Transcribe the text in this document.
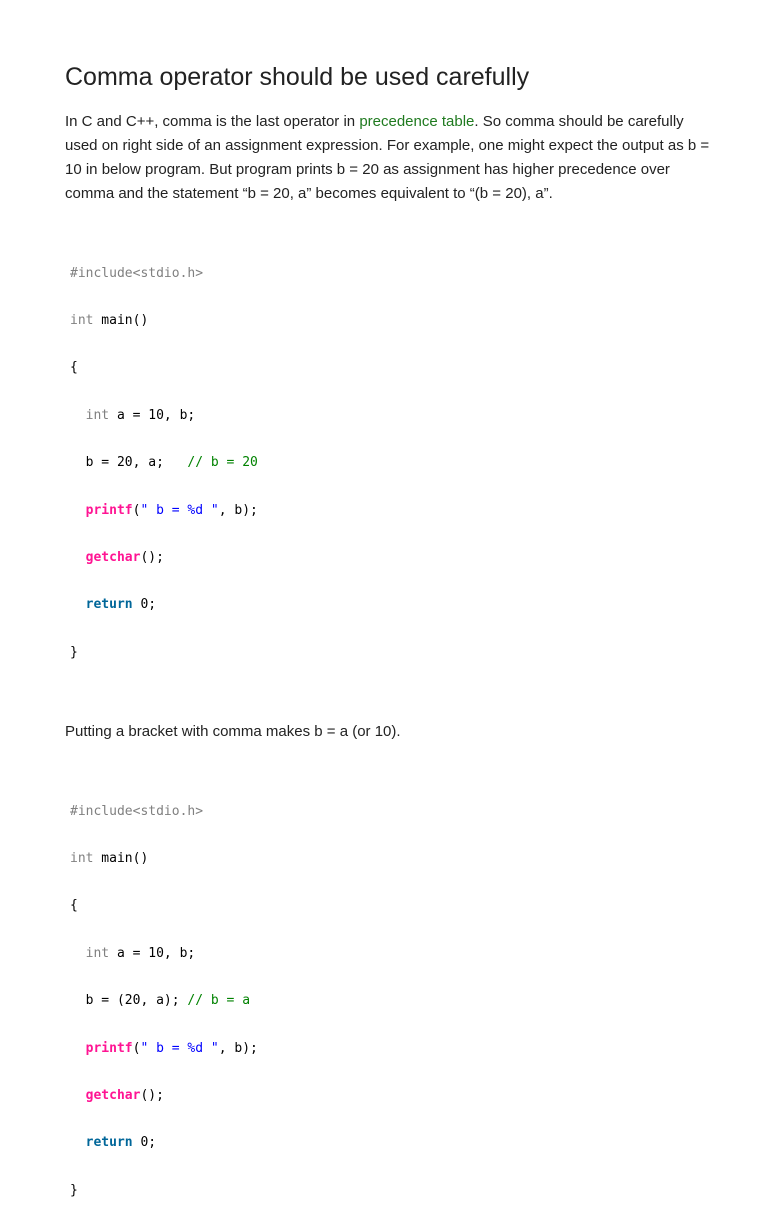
Comma operator should be used carefully

In C and C++, comma is the last operator in precedence table. So comma should be carefully used on right side of an assignment expression. For example, one might expect the output as b = 10 in below program. But program prints b = 20 as assignment has higher precedence over comma and the statement “b = 20, a” becomes equivalent to “(b = 20), a”.

#include<stdio.h>

int main()

{

int a = 10, b;

b = 20, a;   // b = 20

printf(" b = %d ", b);

getchar();

return 0;

}

Putting a bracket with comma makes b = a (or 10).

#include<stdio.h>

int main()

{

int a = 10, b;

b = (20, a); // b = a

printf(" b = %d ", b);

getchar();

return 0;

}
